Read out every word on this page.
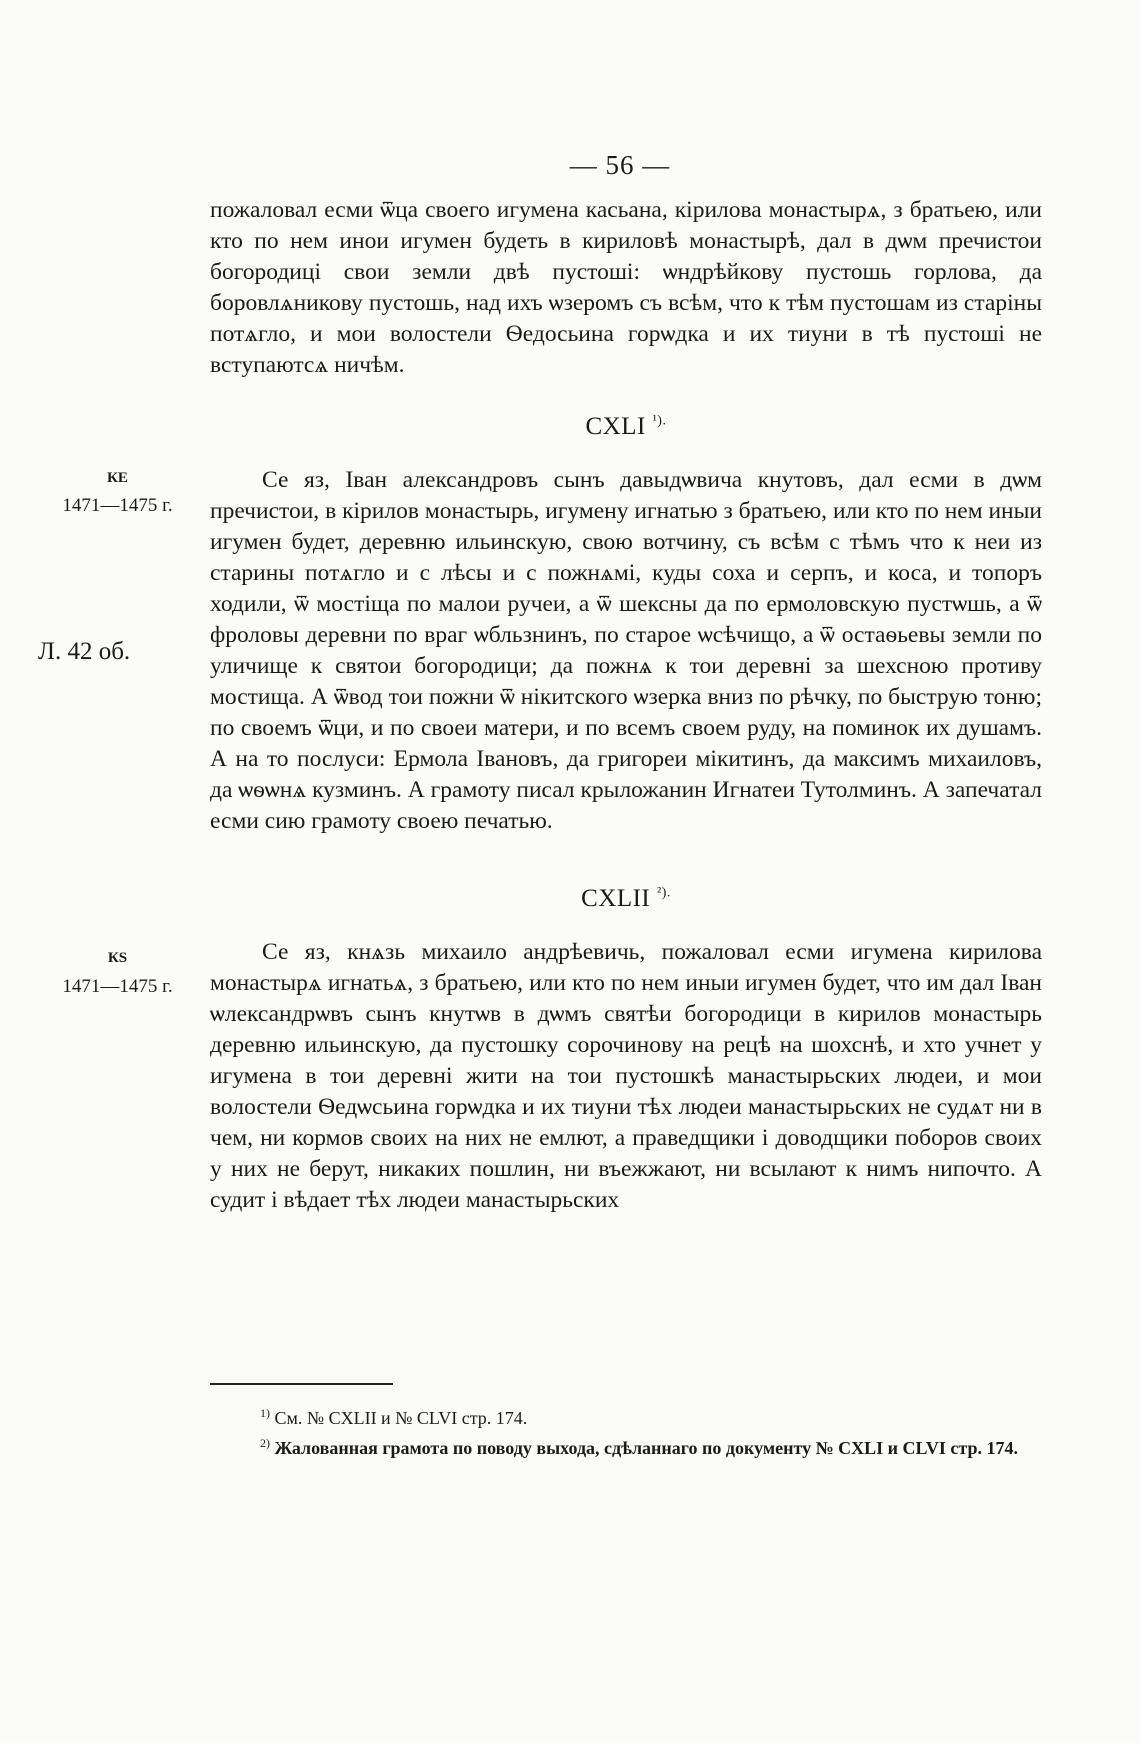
— 56 —

пожаловал есми ѿца своего игумена касьана, кірилова монастырѧ, з братьею, или кто по нем инои игумен будеть в кириловѣ монастырѣ, дал в дѡм пречистои богородиці свои земли двѣ пустоші: ѡндрѣйкову пустошь горлова, да боровлѧникову пустошь, над ихъ ѡзеромъ съ всѣм, что к тѣм пустошам из старіны потѧгло, и мои волостели Ѳедосьина горѡдка и их тиуни в тѣ пустоші не вступаютсѧ ничѣм.

CXLI $^{^1).}$
КЕ
1471—1475 г.
Л. 42 об.

Се яз, Іван александровъ сынъ давыдѡвича кнутовъ, дал есми в дѡм пречистои, в кірилов монастырь, игумену игнатью з братьею, или кто по нем иныи игумен будет, деревню ильинскую, свою вотчину, съ всѣм с тѣмъ что к неи из старины потѧгло и с лѣсы и с пожнѧмі, куды соха и серпъ, и коса, и топоръ ходили, ѿ мостіща по малои ручеи, а ѿ шексны да по ермоловскую пустѡшь, а ѿ фроловы деревни по враг ѡбльзнинъ, по старое ѡсѣчищо, а ѿ остаѳьевы земли по уличище к святои богородици; да пожнѧ к тои деревні за шехсною противу мостища. А ѿвод тои пожни ѿ нікитского ѡзерка вниз по рѣчку, по быструю тоню; по своемъ ѿци, и по своеи матери, и по всемъ своем руду, на поминок их душамъ. А на то послуси: Ермола Івановъ, да григореи мікитинъ, да максимъ михаиловъ, да ѡѳѡнѧ кузминъ. А грамоту писал крыложанин Игнатеи Тутолминъ. А запечатал есми сию грамоту своею печатью.

CXLII $^{^2).}$
КЅ
1471—1475 г.

Се яз, кнѧзь михаило андрѣевичь, пожаловал есми игумена кирилова монастырѧ игнатьѧ, з братьею, или кто по нем иныи игумен будет, что им дал Іван ѡлександрѡвъ сынъ кнутѡв в дѡмъ святѣи богородици в кирилов монастырь деревню ильинскую, да пустошку сорочинову на рецѣ на шохснѣ, и хто учнет у игумена в тои деревні жити на тои пустошкѣ манастырьских людеи, и мои волостели Ѳедѡсьина горѡдка и их тиуни тѣх людеи манастырьских не судѧт ни в чем, ни кормов своих на них не емлют, а праведщики і доводщики поборов своих у них не берут, никаких пошлин, ни въежжают, ни всылают к нимъ нипочто. А судит і вѣдает тѣх людеи манастырьских

$^{1)}$ См. № CXLII и № CLVI стр. 174.

$^{2)}$ Жалованная грамота по поводу выхода, сдѣланнаго по документу № CXLI и CLVI стр. 174.
